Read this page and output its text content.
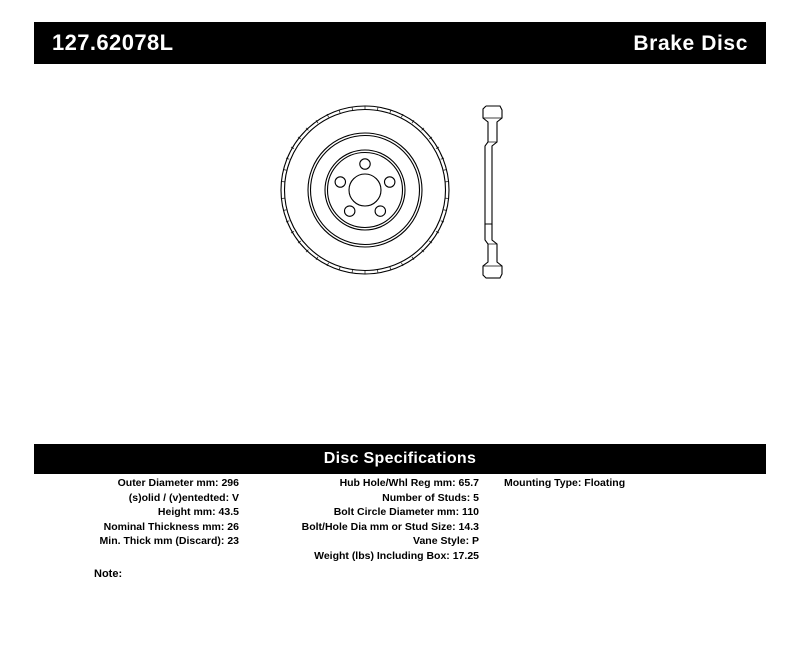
127.62078L	Brake Disc
Disc Specifications
Outer Diameter mm: 296
(s)olid / (v)entedted: V
Height mm: 43.5
Nominal Thickness mm: 26
Min. Thick mm (Discard): 23
Hub Hole/Whl Reg mm: 65.7
Number of Studs: 5
Bolt Circle Diameter mm: 110
Bolt/Hole Dia mm or Stud Size: 14.3
Vane Style: P
Weight (lbs) Including Box: 17.25
Mounting Type: Floating
Note:
